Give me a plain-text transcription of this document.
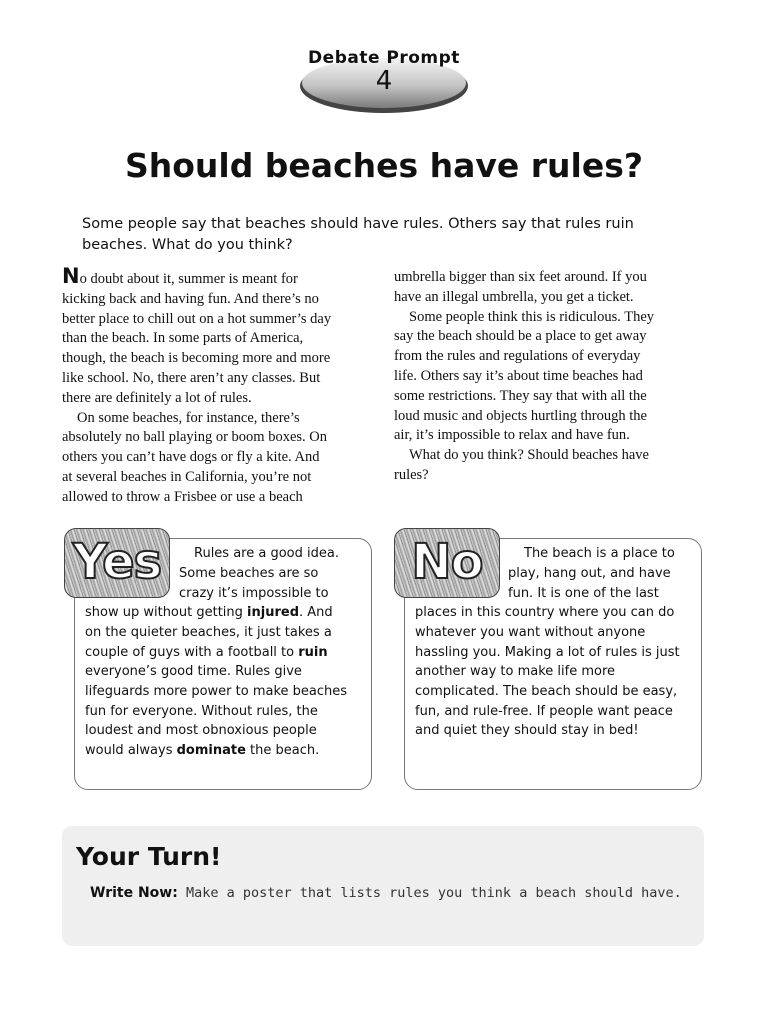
Debate Prompt
4
Should beaches have rules?
Some people say that beaches should have rules. Others say that rules ruin
beaches. What do you think?

No doubt about it, summer is meant for

kicking back and having fun. And there’s no

better place to chill out on a hot summer’s day

than the beach. In some parts of America,

though, the beach is becoming more and more

like school. No, there aren’t any classes. But

there are definitely a lot of rules.

On some beaches, for instance, there’s

absolutely no ball playing or boom boxes. On

others you can’t have dogs or fly a kite. And

at several beaches in California, you’re not

allowed to throw a Frisbee or use a beach

umbrella bigger than six feet around. If you

have an illegal umbrella, you get a ticket.

Some people think this is ridiculous. They

say the beach should be a place to get away

from the rules and regulations of everyday

life. Others say it’s about time beaches had

some restrictions. They say that with all the

loud music and objects hurtling through the

air, it’s impossible to relax and have fun.

What do you think? Should beaches have

rules?

Yes	Rules are a good idea.
Some beaches are so
crazy it’s impossible to
show up without getting injured. And
on the quieter beaches, it just takes a
couple of guys with a football to ruin
everyone’s good time. Rules give
lifeguards more power to make beaches
fun for everyone. Without rules, the
loudest and most obnoxious people
would always dominate the beach.
No	The beach is a place to
play, hang out, and have
fun. It is one of the last
places in this country where you can do
whatever you want without anyone
hassling you. Making a lot of rules is just
another way to make life more
complicated. The beach should be easy,
fun, and rule-free. If people want peace
and quiet they should stay in bed!
Your Turn!

Write Now: Make a poster that lists rules you think a beach should have.
